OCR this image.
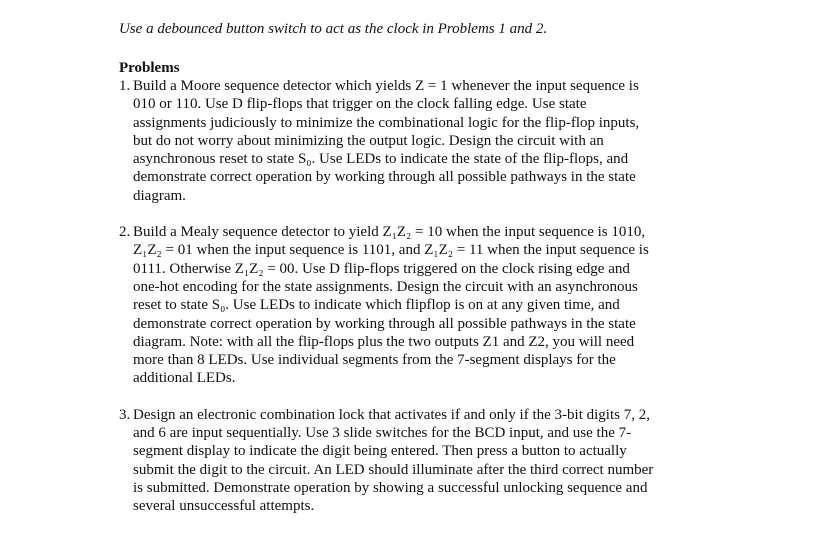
Use a debounced button switch to act as the clock in Problems 1 and 2.

Problems
1. Build a Moore sequence detector which yields Z = 1 whenever the input sequence is
010 or 110. Use D flip-flops that trigger on the clock falling edge. Use state
assignments judiciously to minimize the combinational logic for the flip-flop inputs,
but do not worry about minimizing the output logic. Design the circuit with an
asynchronous reset to state S₀. Use LEDs to indicate the state of the flip-flops, and
demonstrate correct operation by working through all possible pathways in the state
diagram.
2. Build a Mealy sequence detector to yield Z₁Z₂ = 10 when the input sequence is 1010,
Z₁Z₂ = 01 when the input sequence is 1101, and Z₁Z₂ = 11 when the input sequence is
0111. Otherwise Z₁Z₂ = 00. Use D flip-flops triggered on the clock rising edge and
one-hot encoding for the state assignments. Design the circuit with an asynchronous
reset to state S₀. Use LEDs to indicate which flipflop is on at any given time, and
demonstrate correct operation by working through all possible pathways in the state
diagram. Note: with all the flip-flops plus the two outputs Z1 and Z2, you will need
more than 8 LEDs. Use individual segments from the 7-segment displays for the
additional LEDs.
3. Design an electronic combination lock that activates if and only if the 3-bit digits 7, 2,
and 6 are input sequentially. Use 3 slide switches for the BCD input, and use the 7-
segment display to indicate the digit being entered. Then press a button to actually
submit the digit to the circuit. An LED should illuminate after the third correct number
is submitted. Demonstrate operation by showing a successful unlocking sequence and
several unsuccessful attempts.
